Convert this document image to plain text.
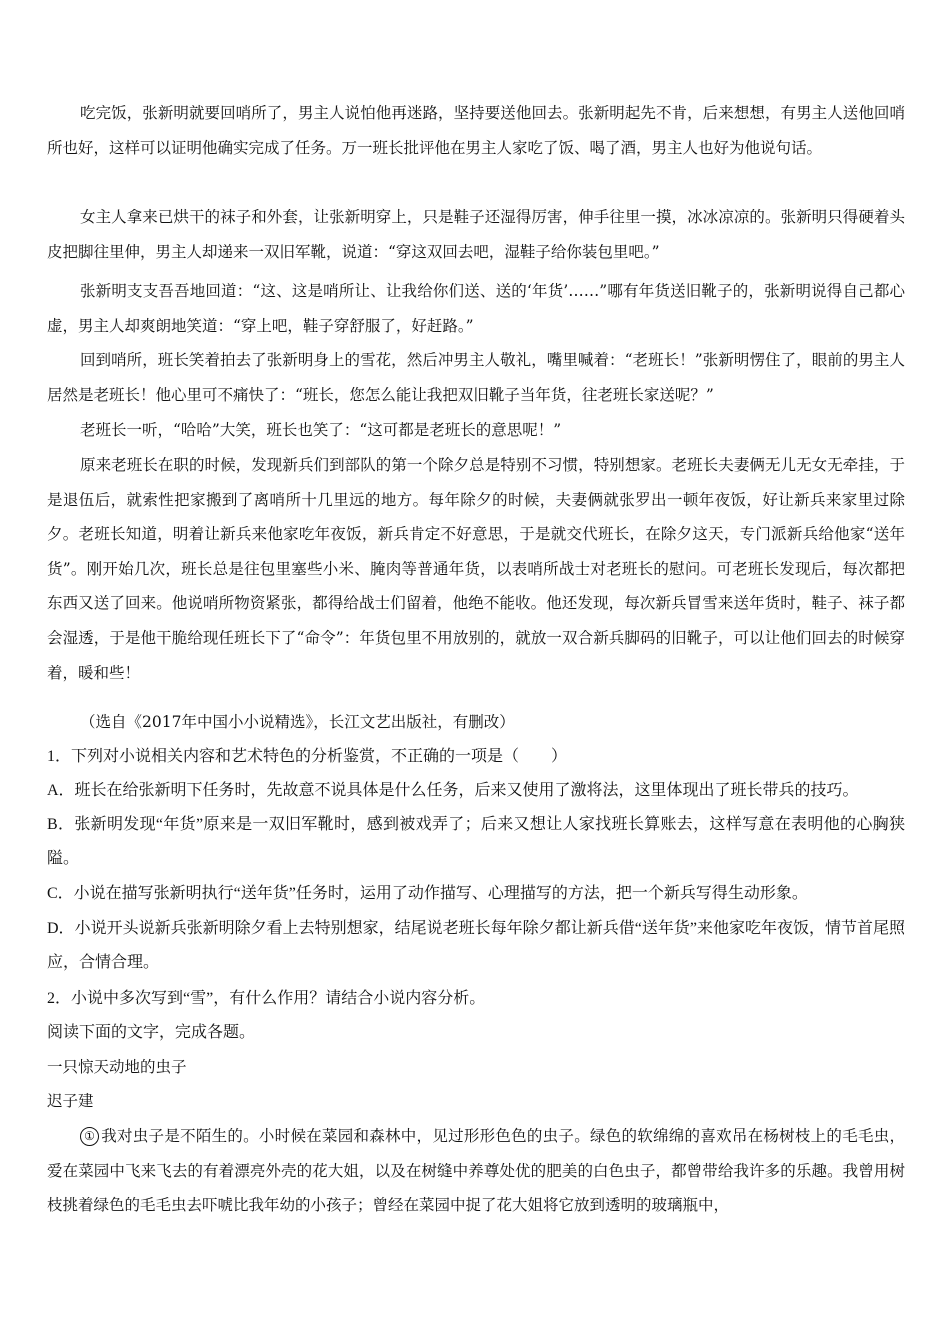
吃完饭，张新明就要回哨所了，男主人说怕他再迷路，坚持要送他回去。张新明起先不肯，后来想想，有男主人送他回哨所也好，这样可以证明他确实完成了任务。万一班长批评他在男主人家吃了饭、喝了酒，男主人也好为他说句话。

女主人拿来已烘干的袜子和外套，让张新明穿上，只是鞋子还湿得厉害，伸手往里一摸，冰冰凉凉的。张新明只得硬着头皮把脚往里伸，男主人却递来一双旧军靴，说道：“穿这双回去吧，湿鞋子给你装包里吧。”

张新明支支吾吾地回道：“这、这是哨所让、让我给你们送、送的‘年货’……”哪有年货送旧靴子的，张新明说得自己都心虚，男主人却爽朗地笑道：“穿上吧，鞋子穿舒服了，好赶路。”

回到哨所，班长笑着拍去了张新明身上的雪花，然后冲男主人敬礼，嘴里喊着：“老班长！”张新明愣住了，眼前的男主人居然是老班长！他心里可不痛快了：“班长，您怎么能让我把双旧靴子当年货，往老班长家送呢？”

老班长一听，“哈哈”大笑，班长也笑了：“这可都是老班长的意思呢！”

原来老班长在职的时候，发现新兵们到部队的第一个除夕总是特别不习惯，特别想家。老班长夫妻俩无儿无女无牵挂，于是退伍后，就索性把家搬到了离哨所十几里远的地方。每年除夕的时候，夫妻俩就张罗出一顿年夜饭，好让新兵来家里过除夕。老班长知道，明着让新兵来他家吃年夜饭，新兵肯定不好意思，于是就交代班长，在除夕这天，专门派新兵给他家“送年货”。刚开始几次，班长总是往包里塞些小米、腌肉等普通年货，以表哨所战士对老班长的慰问。可老班长发现后，每次都把东西又送了回来。他说哨所物资紧张，都得给战士们留着，他绝不能收。他还发现，每次新兵冒雪来送年货时，鞋子、袜子都会湿透，于是他干脆给现任班长下了“命令”：年货包里不用放别的，就放一双合新兵脚码的旧靴子，可以让他们回去的时候穿着，暖和些！

（选自《2017年中国小小说精选》，长江文艺出版社，有删改）

1．下列对小说相关内容和艺术特色的分析鉴赏，不正确的一项是（　　）

A．班长在给张新明下任务时，先故意不说具体是什么任务，后来又使用了激将法，这里体现出了班长带兵的技巧。

B．张新明发现“年货”原来是一双旧军靴时，感到被戏弄了；后来又想让人家找班长算账去，这样写意在表明他的心胸狭隘。

C．小说在描写张新明执行“送年货”任务时，运用了动作描写、心理描写的方法，把一个新兵写得生动形象。

D．小说开头说新兵张新明除夕看上去特别想家，结尾说老班长每年除夕都让新兵借“送年货”来他家吃年夜饭，情节首尾照应，合情合理。

2．小说中多次写到“雪”，有什么作用？请结合小说内容分析。

阅读下面的文字，完成各题。

一只惊天动地的虫子

迟子建

① 我对虫子是不陌生的。小时候在菜园和森林中，见过形形色色的虫子。绿色的软绵绵的喜欢吊在杨树枝上的毛毛虫，爱在菜园中飞来飞去的有着漂亮外壳的花大姐，以及在树缝中养尊处优的肥美的白色虫子，都曾带给我许多的乐趣。我曾用树枝挑着绿色的毛毛虫去吓唬比我年幼的小孩子；曾经在菜园中捉了花大姐将它放到透明的玻璃瓶中，
